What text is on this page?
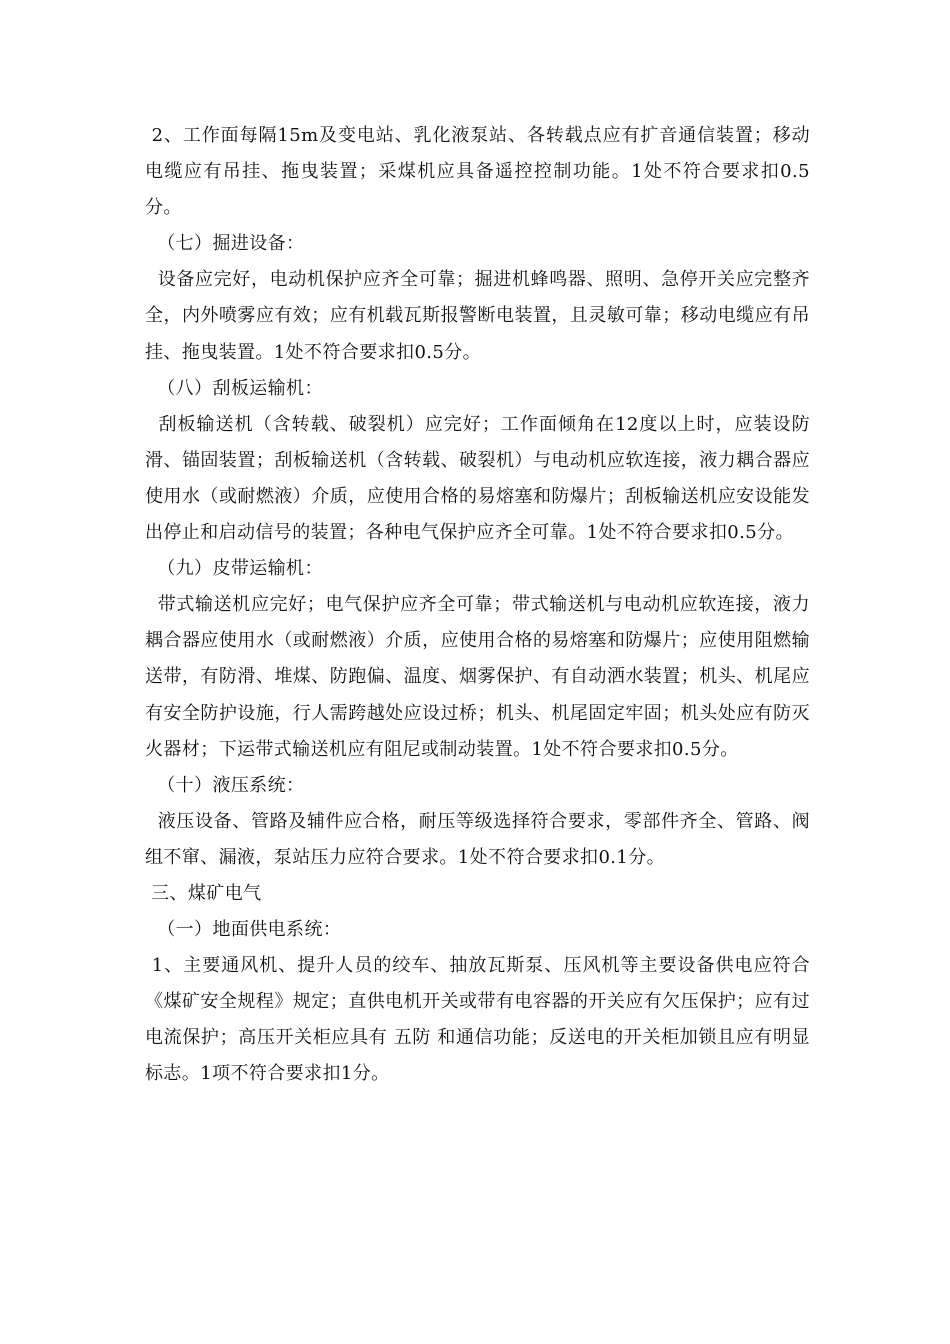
2、工作面每隔15m及变电站、乳化液泵站、各转载点应有扩音通信装置；移动电缆应有吊挂、拖曳装置；采煤机应具备遥控控制功能。1处不符合要求扣0.5分。

（七）掘进设备：

设备应完好，电动机保护应齐全可靠；掘进机蜂鸣器、照明、急停开关应完整齐全，内外喷雾应有效；应有机载瓦斯报警断电装置，且灵敏可靠；移动电缆应有吊挂、拖曳装置。1处不符合要求扣0.5分。

（八）刮板运输机：

刮板输送机（含转载、破裂机）应完好；工作面倾角在12度以上时，应装设防滑、锚固装置；刮板输送机（含转载、破裂机）与电动机应软连接，液力耦合器应使用水（或耐燃液）介质，应使用合格的易熔塞和防爆片；刮板输送机应安设能发出停止和启动信号的装置；各种电气保护应齐全可靠。1处不符合要求扣0.5分。

（九）皮带运输机：

带式输送机应完好；电气保护应齐全可靠；带式输送机与电动机应软连接，液力耦合器应使用水（或耐燃液）介质，应使用合格的易熔塞和防爆片；应使用阻燃输送带，有防滑、堆煤、防跑偏、温度、烟雾保护、有自动洒水装置；机头、机尾应有安全防护设施，行人需跨越处应设过桥；机头、机尾固定牢固；机头处应有防灭火器材；下运带式输送机应有阻尼或制动装置。1处不符合要求扣0.5分。

（十）液压系统：

液压设备、管路及辅件应合格，耐压等级选择符合要求，零部件齐全、管路、阀组不窜、漏液，泵站压力应符合要求。1处不符合要求扣0.1分。

三、煤矿电气

（一）地面供电系统：

1、主要通风机、提升人员的绞车、抽放瓦斯泵、压风机等主要设备供电应符合《煤矿安全规程》规定；直供电机开关或带有电容器的开关应有欠压保护；应有过电流保护；高压开关柜应具有 五防 和通信功能；反送电的开关柜加锁且应有明显标志。1项不符合要求扣1分。
